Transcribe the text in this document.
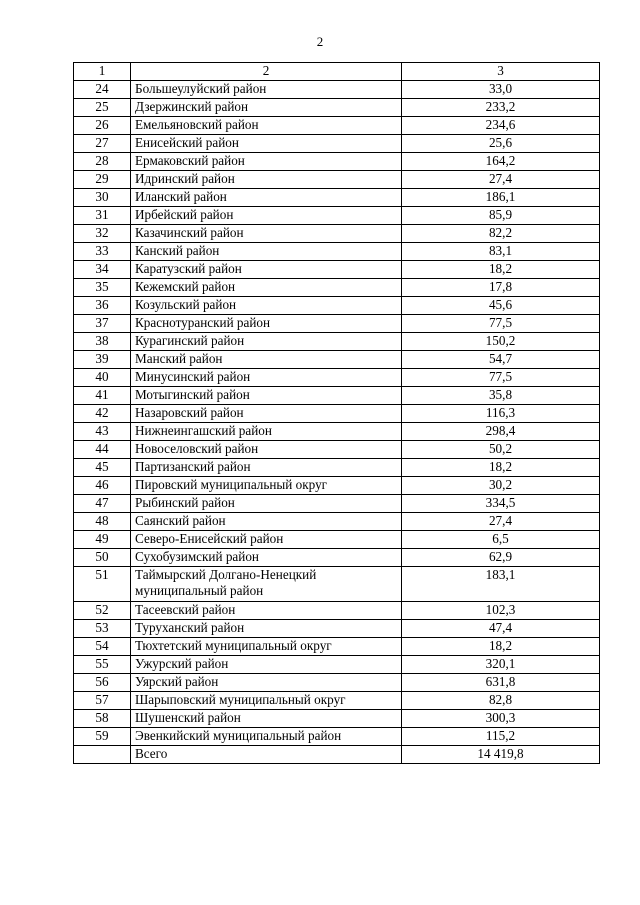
2
1	2	3
24	Большеулуйский район	33,0
25	Дзержинский район	233,2
26	Емельяновский район	234,6
27	Енисейский район	25,6
28	Ермаковский район	164,2
29	Идринский район	27,4
30	Иланский район	186,1
31	Ирбейский район	85,9
32	Казачинский район	82,2
33	Канский район	83,1
34	Каратузский район	18,2
35	Кежемский район	17,8
36	Козульский район	45,6
37	Краснотуранский район	77,5
38	Курагинский район	150,2
39	Манский район	54,7
40	Минусинский район	77,5
41	Мотыгинский район	35,8
42	Назаровский район	116,3
43	Нижнеингашский район	298,4
44	Новоселовский район	50,2
45	Партизанский район	18,2
46	Пировский муниципальный округ	30,2
47	Рыбинский район	334,5
48	Саянский район	27,4
49	Северо-Енисейский район	6,5
50	Сухобузимский район	62,9
51	Таймырский Долгано-Ненецкий муниципальный район	183,1
52	Тасеевский район	102,3
53	Туруханский район	47,4
54	Тюхтетский муниципальный округ	18,2
55	Ужурский район	320,1
56	Уярский район	631,8
57	Шарыповский муниципальный округ	82,8
58	Шушенский район	300,3
59	Эвенкийский муниципальный район	115,2
	Всего	14 419,8
